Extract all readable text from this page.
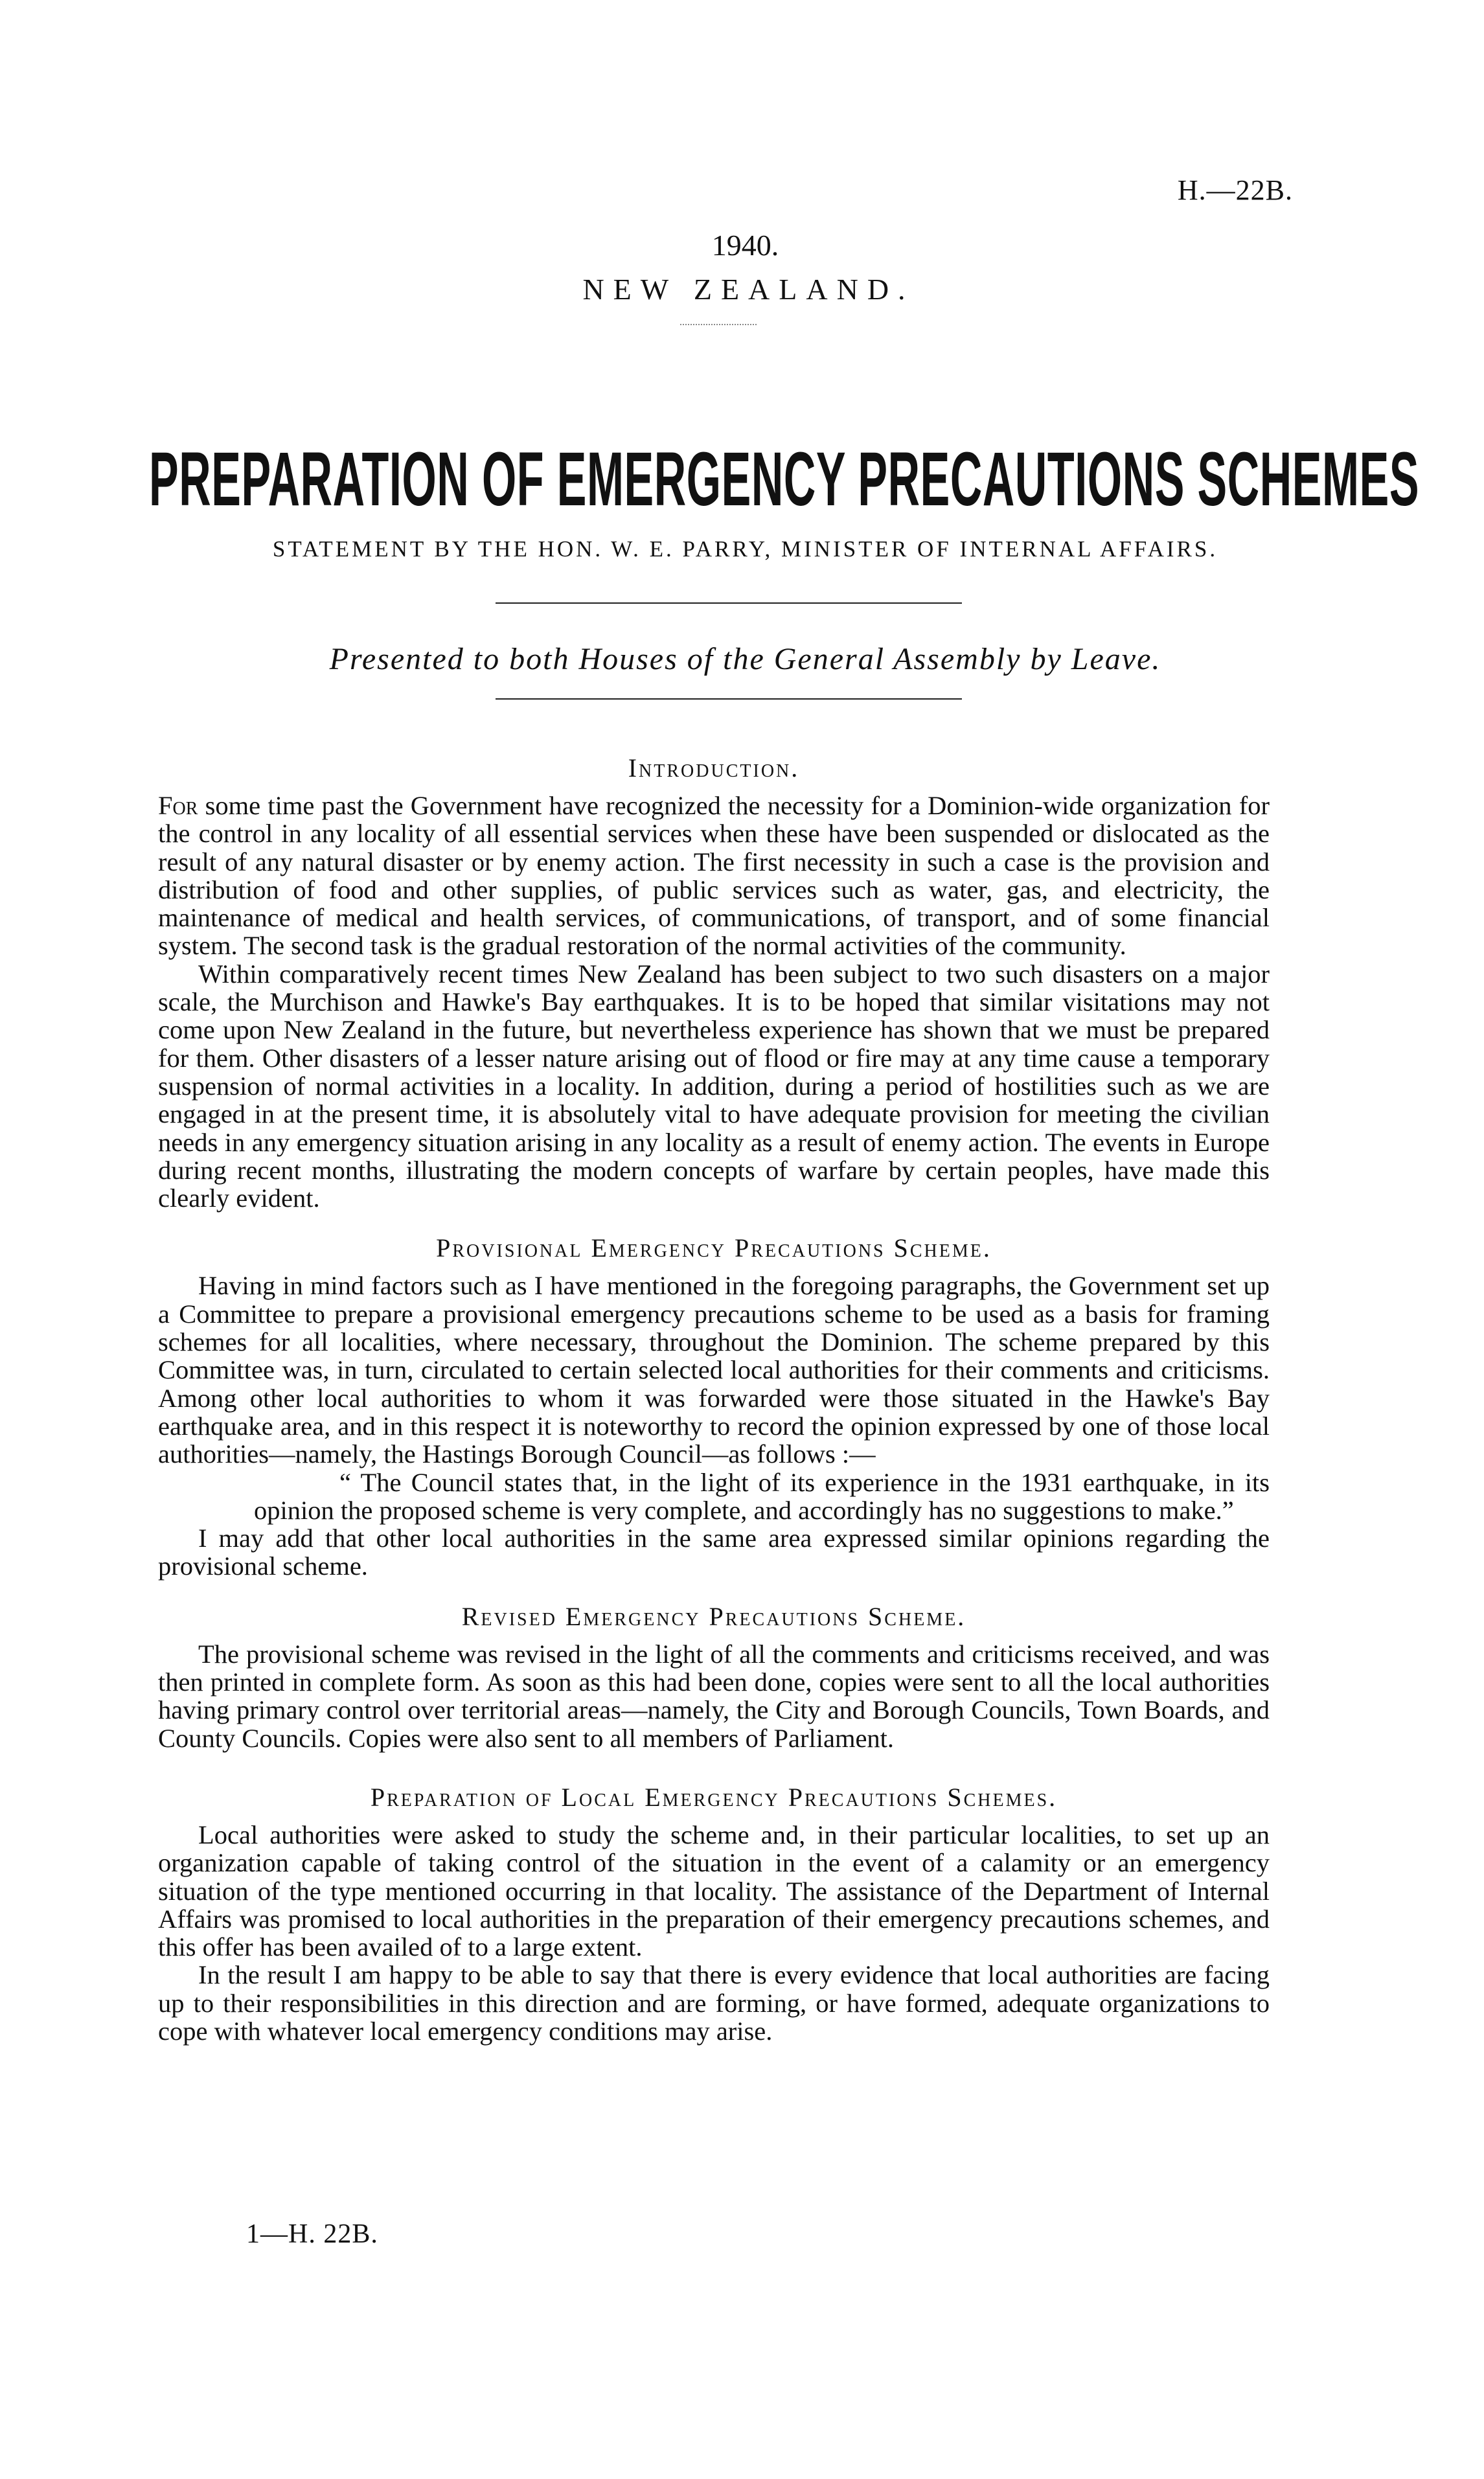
H.—22B.
1940.
NEW ZEALAND.
PREPARATION OF EMERGENCY PRECAUTIONS SCHEMES
STATEMENT BY THE HON. W. E. PARRY, MINISTER OF INTERNAL AFFAIRS.
Presented to both Houses of the General Assembly by Leave.
Introduction.

For some time past the Government have recognized the necessity for a Dominion-wide organization for the control in any locality of all essential services when these have been suspended or dislocated as the result of any natural disaster or by enemy action. The first necessity in such a case is the provision and distribution of food and other supplies, of public services such as water, gas, and electricity, the maintenance of medical and health services, of communications, of transport, and of some financial system. The second task is the gradual restoration of the normal activities of the community.

Within comparatively recent times New Zealand has been subject to two such disasters on a major scale, the Murchison and Hawke's Bay earthquakes. It is to be hoped that similar visitations may not come upon New Zealand in the future, but nevertheless experience has shown that we must be prepared for them. Other disasters of a lesser nature arising out of flood or fire may at any time cause a temporary suspension of normal activities in a locality. In addition, during a period of hostilities such as we are engaged in at the present time, it is absolutely vital to have adequate provision for meeting the civilian needs in any emergency situation arising in any locality as a result of enemy action. The events in Europe during recent months, illustrating the modern concepts of warfare by certain peoples, have made this clearly evident.

Provisional Emergency Precautions Scheme.

Having in mind factors such as I have mentioned in the foregoing paragraphs, the Government set up a Committee to prepare a provisional emergency precautions scheme to be used as a basis for framing schemes for all localities, where necessary, throughout the Dominion. The scheme prepared by this Committee was, in turn, circulated to certain selected local authorities for their comments and criticisms. Among other local authorities to whom it was forwarded were those situated in the Hawke's Bay earthquake area, and in this respect it is noteworthy to record the opinion expressed by one of those local authorities—namely, the Hastings Borough Council—as follows :—

“ The Council states that, in the light of its experience in the 1931 earthquake, in its opinion the proposed scheme is very complete, and accordingly has no suggestions to make.”

I may add that other local authorities in the same area expressed similar opinions regarding the provisional scheme.

Revised Emergency Precautions Scheme.

The provisional scheme was revised in the light of all the comments and criticisms received, and was then printed in complete form. As soon as this had been done, copies were sent to all the local authorities having primary control over territorial areas—namely, the City and Borough Councils, Town Boards, and County Councils. Copies were also sent to all members of Parliament.

Preparation of Local Emergency Precautions Schemes.

Local authorities were asked to study the scheme and, in their particular localities, to set up an organization capable of taking control of the situation in the event of a calamity or an emergency situation of the type mentioned occurring in that locality. The assistance of the Department of Internal Affairs was promised to local authorities in the preparation of their emergency precautions schemes, and this offer has been availed of to a large extent.

In the result I am happy to be able to say that there is every evidence that local authorities are facing up to their responsibilities in this direction and are forming, or have formed, adequate organizations to cope with whatever local emergency conditions may arise.

1—H. 22B.
